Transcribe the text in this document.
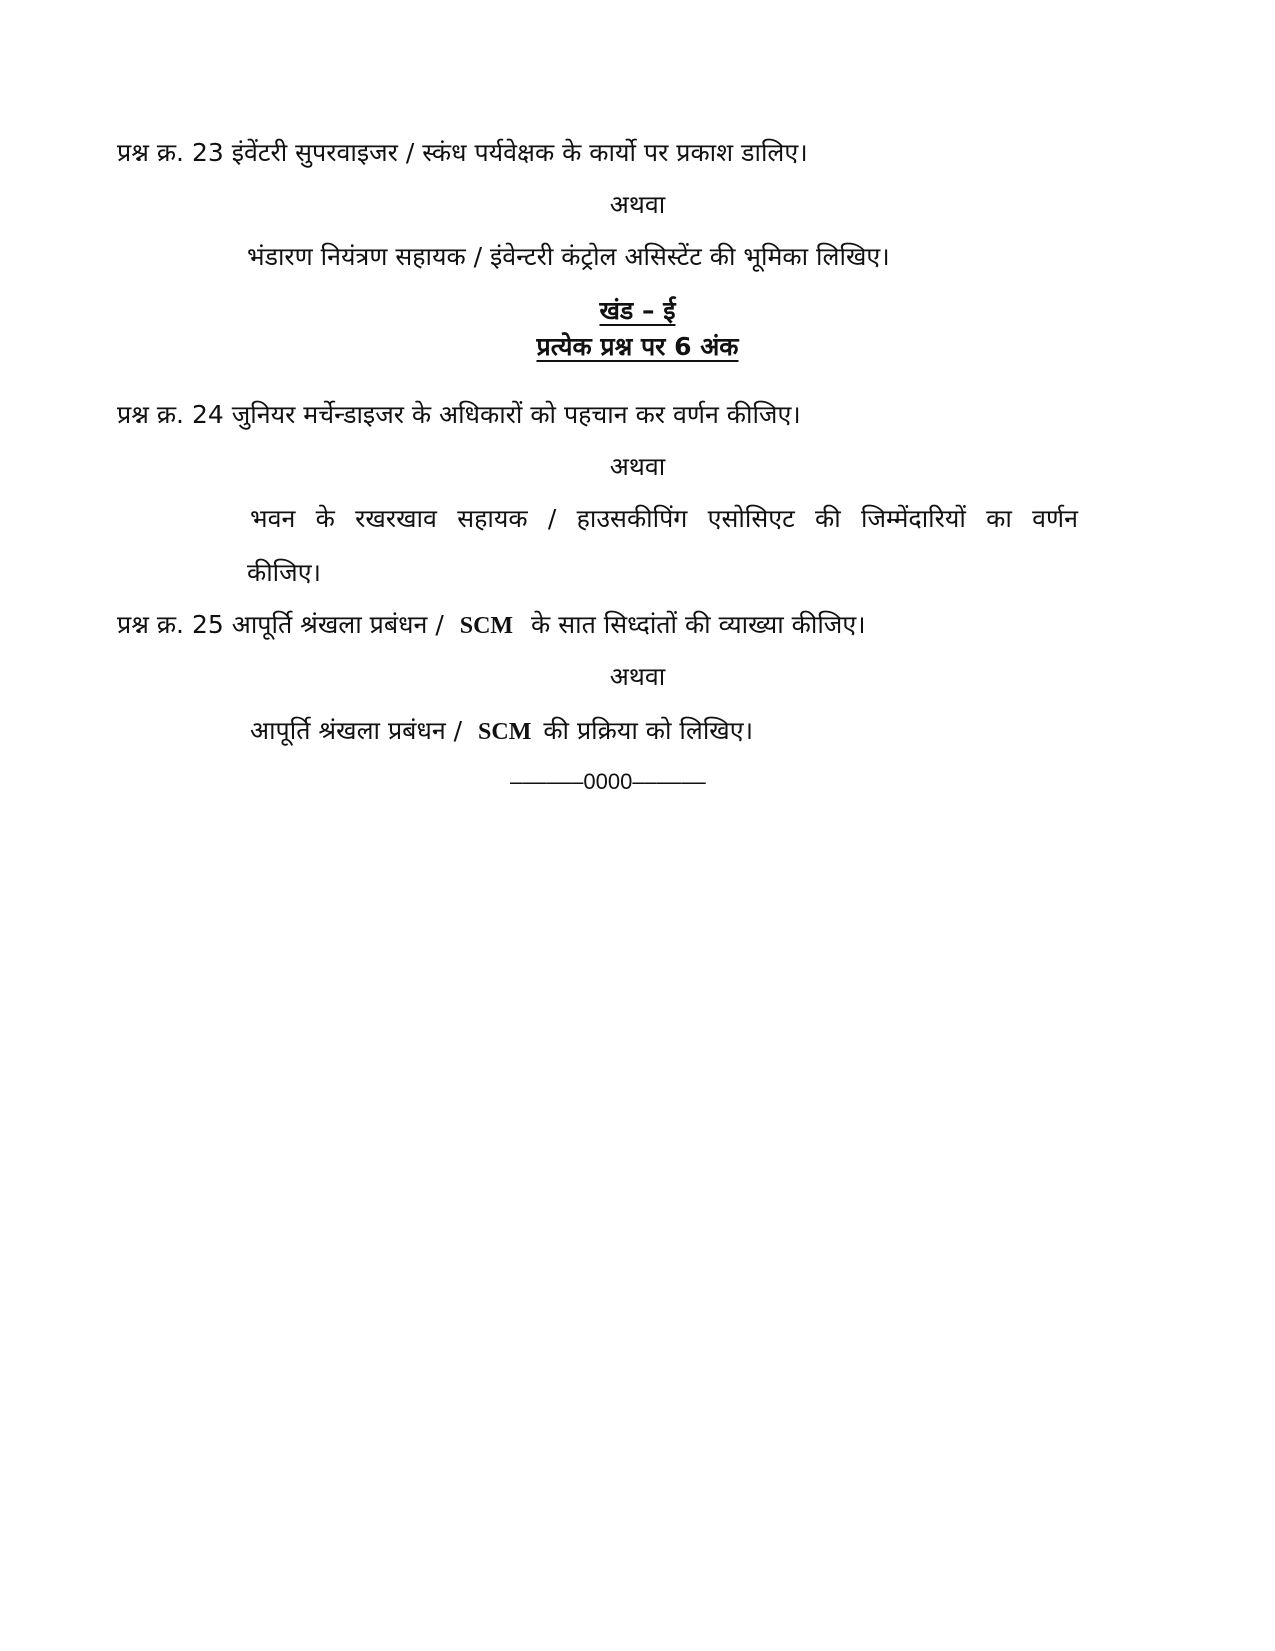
प्रश्न क्र. 23 इंवेंटरी सुपरवाइजर / स्कंध पर्यवेक्षक के कार्यो पर प्रकाश डालिए।
अथवा
भंडारण नियंत्रण सहायक / इंवेन्टरी कंट्रोल असिस्टेंट की भूमिका लिखिए।
खंड – ई
प्रत्येक प्रश्न पर 6 अंक
प्रश्न क्र. 24 जुनियर मर्चेन्डाइजर के अधिकारों को पहचान कर वर्णन कीजिए।
अथवा
भवन के रखरखाव सहायक / हाउसकीपिंग एसोसिएट की जिम्मेंदारियों का वर्णन
कीजिए।
प्रश्न क्र. 25 आपूर्ति श्रंखला प्रबंधन / SCM के सात सिध्दांतों की व्याख्या कीजिए।
अथवा
आपूर्ति श्रंखला प्रबंधन / SCM की प्रक्रिया को लिखिए।
––––––0000––––––
